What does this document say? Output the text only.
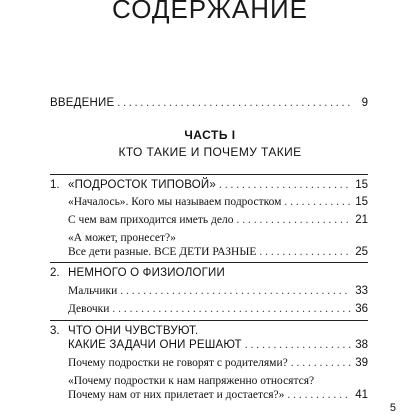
СОДЕРЖАНИЕ
ВВЕДЕНИЕ . . .	9
ЧАСТЬ I
КТО ТАКИЕ И ПОЧЕМУ ТАКИЕ
1. «ПОДРОСТОК ТИПОВОЙ» . . .	15
«Началось». Кого мы называем подростком . . .	15
С чем вам приходится иметь дело . . .	21
«А может, пронесет?»
Все дети разные. ВСЕ ДЕТИ РАЗНЫЕ . . .	25
2. НЕМНОГО О ФИЗИОЛОГИИ
Мальчики . . .	33
Девочки . . .	36
3. ЧТО ОНИ ЧУВСТВУЮТ.
КАКИЕ ЗАДАЧИ ОНИ РЕШАЮТ . . .	38
Почему подростки не говорят с родителями? . . .	39
«Почему подростки к нам напряженно относятся?
Почему нам от них прилетает и достается?» . . .	41
5
